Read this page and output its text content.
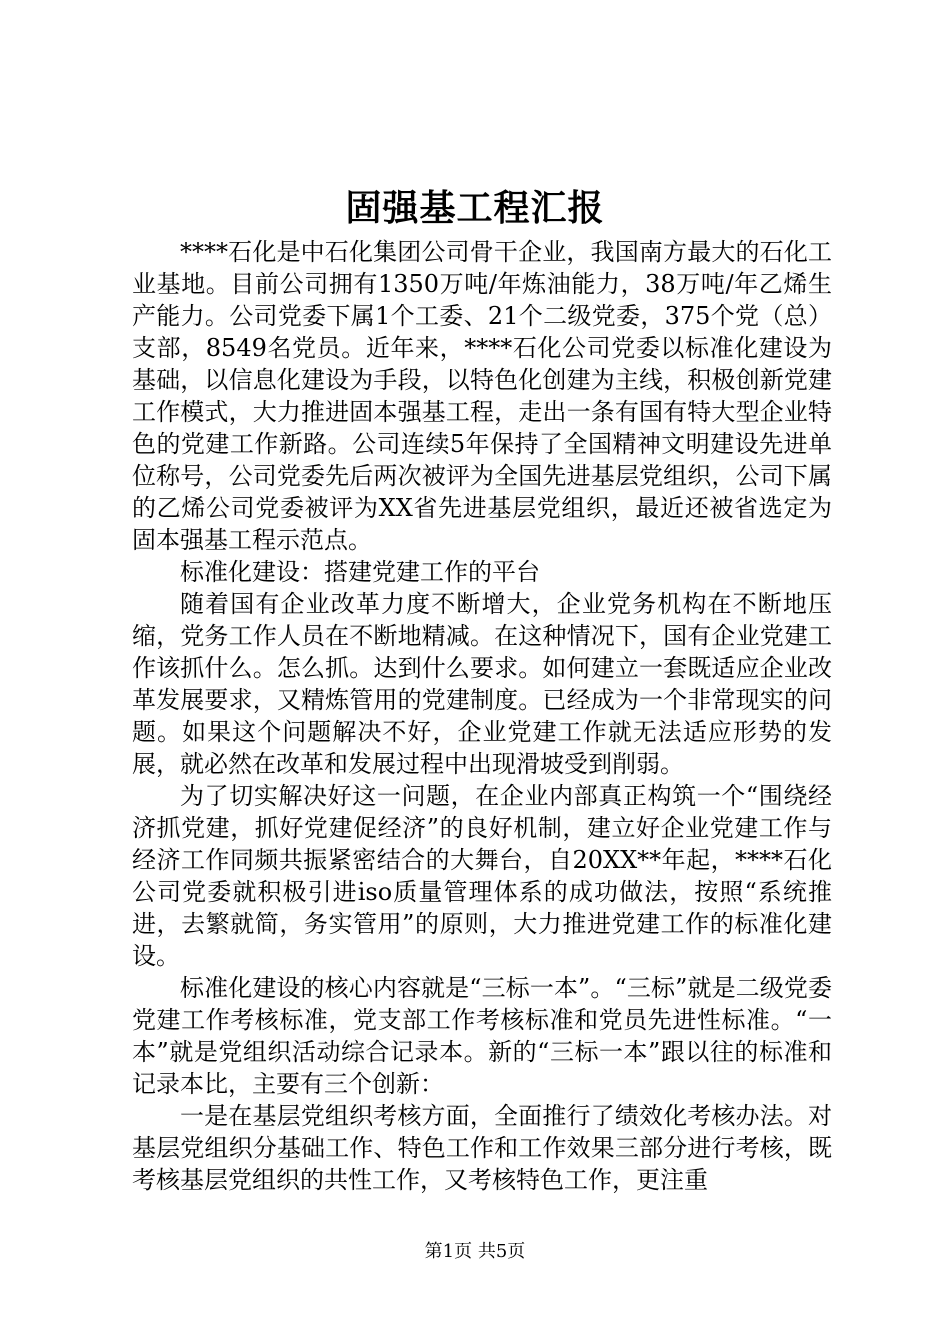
固强基工程汇报

****石化是中石化集团公司骨干企业，我国南方最大的石化工业基地。目前公司拥有1350万吨/年炼油能力，38万吨/年乙烯生产能力。公司党委下属1个工委、21个二级党委，375个党（总）支部，8549名党员。近年来，****石化公司党委以标准化建设为基础，以信息化建设为手段，以特色化创建为主线，积极创新党建工作模式，大力推进固本强基工程，走出一条有国有特大型企业特色的党建工作新路。公司连续5年保持了全国精神文明建设先进单位称号，公司党委先后两次被评为全国先进基层党组织，公司下属的乙烯公司党委被评为XX省先进基层党组织，最近还被省选定为固本强基工程示范点。

标准化建设：搭建党建工作的平台

随着国有企业改革力度不断增大，企业党务机构在不断地压缩，党务工作人员在不断地精减。在这种情况下，国有企业党建工作该抓什么。怎么抓。达到什么要求。如何建立一套既适应企业改革发展要求，又精炼管用的党建制度。已经成为一个非常现实的问题。如果这个问题解决不好，企业党建工作就无法适应形势的发展，就必然在改革和发展过程中出现滑坡受到削弱。

为了切实解决好这一问题，在企业内部真正构筑一个“围绕经济抓党建，抓好党建促经济”的良好机制，建立好企业党建工作与经济工作同频共振紧密结合的大舞台，自20XX**年起，****石化公司党委就积极引进iso质量管理体系的成功做法，按照“系统推进，去繁就简，务实管用”的原则，大力推进党建工作的标准化建设。

标准化建设的核心内容就是“三标一本”。“三标”就是二级党委党建工作考核标准，党支部工作考核标准和党员先进性标准。“一本”就是党组织活动综合记录本。新的“三标一本”跟以往的标准和记录本比，主要有三个创新：

一是在基层党组织考核方面，全面推行了绩效化考核办法。对基层党组织分基础工作、特色工作和工作效果三部分进行考核，既考核基层党组织的共性工作，又考核特色工作，更注重

第1页 共5页
